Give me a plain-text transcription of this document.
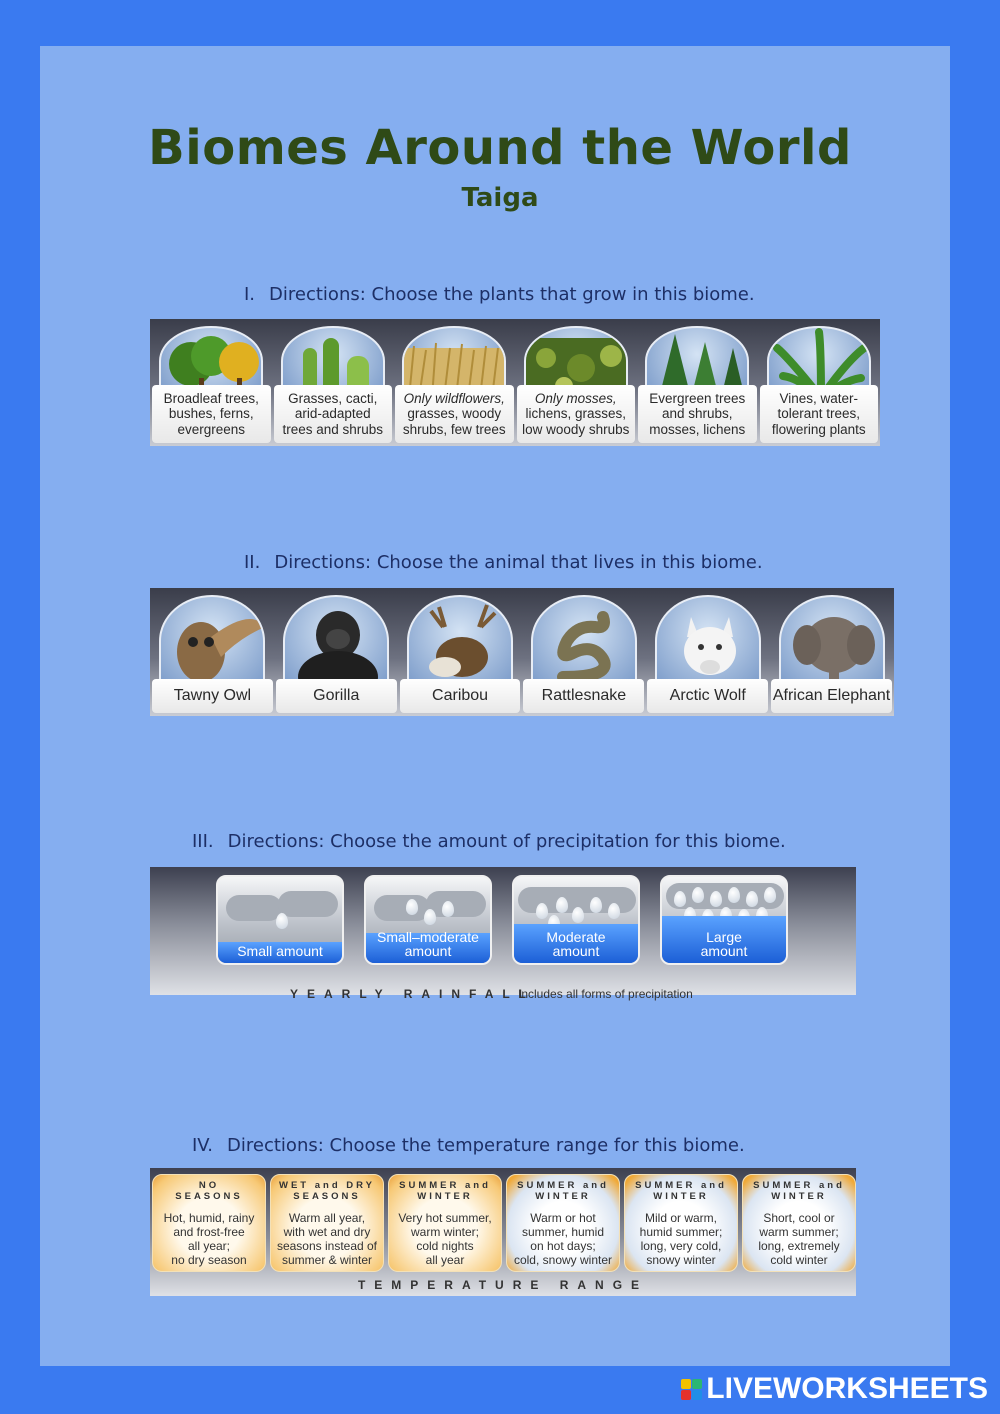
Biomes Around the World
Taiga
I. Directions: Choose the plants that grow in this biome.
Broadleaf trees,
bushes, ferns,
evergreens
Grasses, cacti,
arid-adapted
trees and shrubs
Only wildflowers,
grasses, woody
shrubs, few trees
Only mosses,
lichens, grasses,
low woody shrubs
Evergreen trees
and shrubs,
mosses, lichens
Vines, water-
tolerant trees,
flowering plants
II. Directions: Choose the animal that lives in this biome.
Tawny Owl	Gorilla	Caribou	Rattlesnake	Arctic Wolf	African Elephant
III. Directions: Choose the amount of precipitation for this biome.
Small amount
Small–moderate
amount
Moderate
amount
Large
amount
YEARLY RAINFALL
Includes all forms of precipitation
IV. Directions: Choose the temperature range for this biome.
NO
SEASONS
Hot, humid, rainy
and frost-free
all year;
no dry season
WET and DRY
SEASONS
Warm all year,
with wet and dry
seasons instead of
summer & winter
SUMMER and
WINTER
Very hot summer,
warm winter;
cold nights
all year
SUMMER and
WINTER
Warm or hot
summer, humid
on hot days;
cold, snowy winter
SUMMER and
WINTER
Mild or warm,
humid summer;
long, very cold,
snowy winter
SUMMER and
WINTER
Short, cool or
warm summer;
long, extremely
cold winter
TEMPERATURE RANGE
LIVEWORKSHEETS
